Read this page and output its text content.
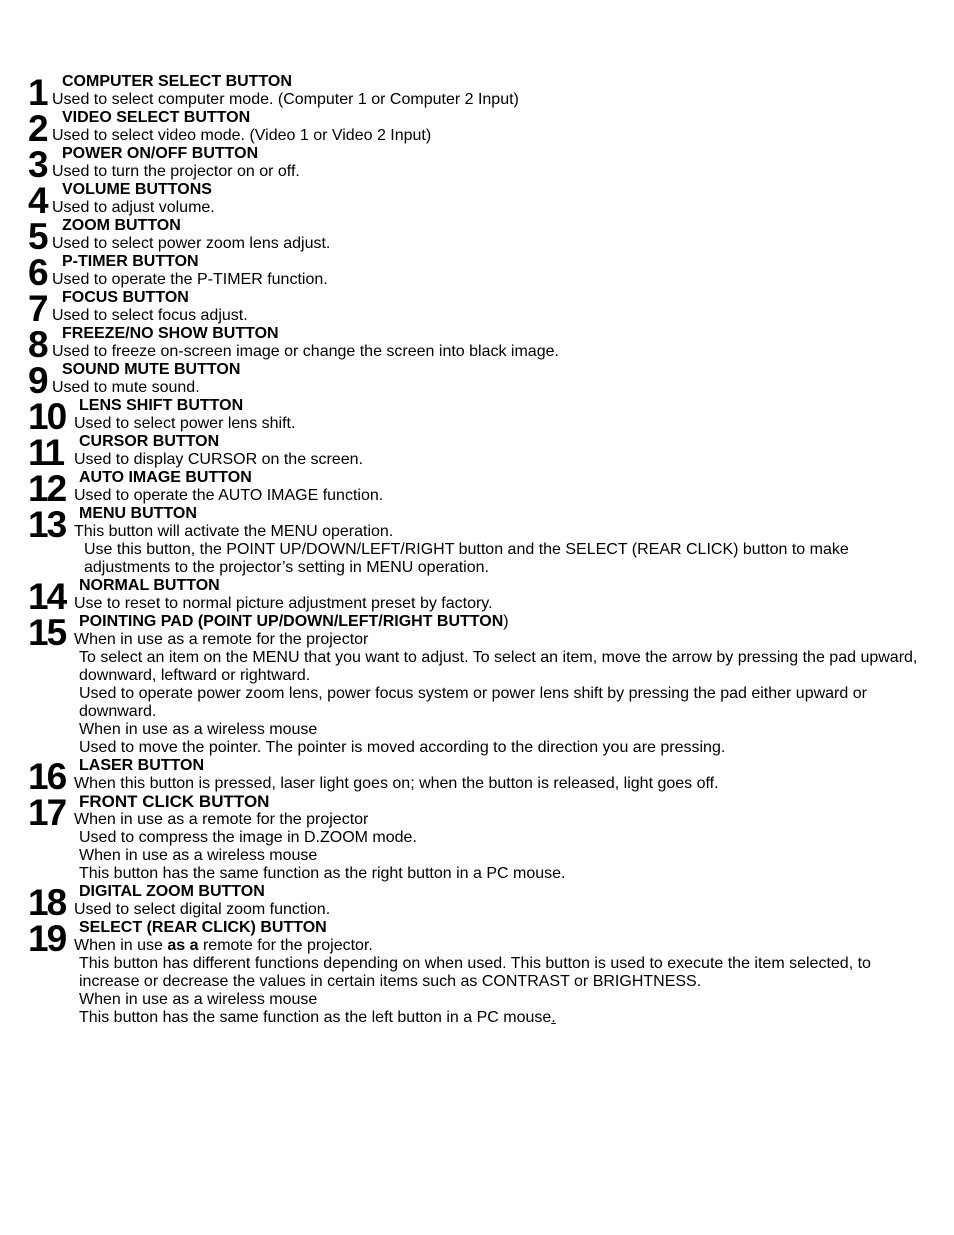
1 COMPUTER SELECT BUTTON
Used to select computer mode. (Computer 1 or Computer 2 Input)
2 VIDEO SELECT BUTTON
Used to select video mode. (Video 1 or Video 2 Input)
3 POWER ON/OFF BUTTON
Used to turn the projector on or off.
4 VOLUME BUTTONS
Used to adjust volume.
5 ZOOM BUTTON
Used to select power zoom lens adjust.
6 P-TIMER BUTTON
Used to operate the P-TIMER function.
7 FOCUS BUTTON
Used to select focus adjust.
8 FREEZE/NO SHOW BUTTON
Used to freeze on-screen image or change the screen into black image.
9 SOUND MUTE BUTTON
Used to mute sound.
10 LENS SHIFT BUTTON
Used to select power lens shift.
11 CURSOR BUTTON
Used to display CURSOR on the screen.
12 AUTO IMAGE BUTTON
Used to operate the AUTO IMAGE function.
13 MENU BUTTON
This button will activate the MENU operation.

Use this button, the POINT UP/DOWN/LEFT/RIGHT button and the SELECT (REAR CLICK) button to make adjustments to the projector’s setting in MENU operation.

14 NORMAL BUTTON
Use to reset to normal picture adjustment preset by factory.
15 POINTING PAD (POINT UP/DOWN/LEFT/RIGHT BUTTON)
When in use as a remote for the projector

To select an item on the MENU that you want to adjust. To select an item, move the arrow by pressing the pad upward, downward, leftward or rightward.

Used to operate power zoom lens, power focus system or power lens shift by pressing the pad either upward or downward.

When in use as a wireless mouse

Used to move the pointer. The pointer is moved according to the direction you are pressing.

16 LASER BUTTON
When this button is pressed, laser light goes on; when the button is released, light goes off.
17 FRONT CLICK BUTTON
When in use as a remote for the projector

Used to compress the image in D.ZOOM mode.

When in use as a wireless mouse

This button has the same function as the right button in a PC mouse.

18 DIGITAL ZOOM BUTTON
Used to select digital zoom function.
19 SELECT (REAR CLICK) BUTTON
When in use as a remote for the projector.

This button has different functions depending on when used. This button is used to execute the item selected, to increase or decrease the values in certain items such as CONTRAST or BRIGHTNESS.

When in use as a wireless mouse

This button has the same function as the left button in a PC mouse.
